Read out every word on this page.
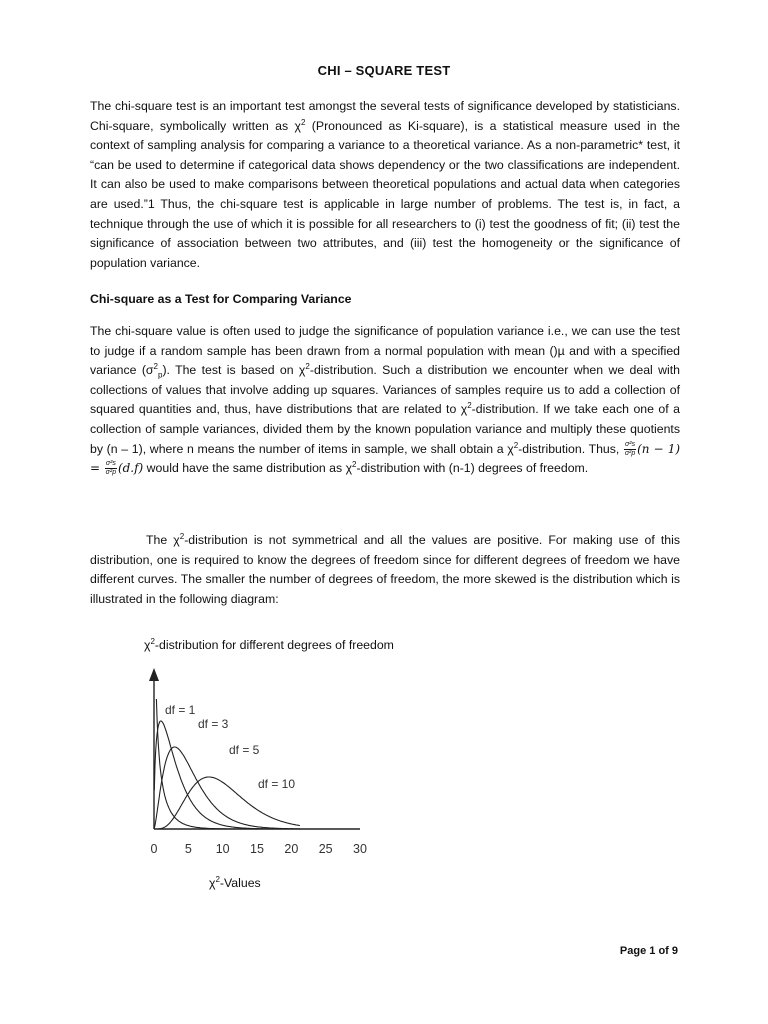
CHI – SQUARE TEST

The chi-square test is an important test amongst the several tests of significance developed by statisticians. Chi-square, symbolically written as $\chi^2$ (Pronounced as Ki-square), is a statistical measure used in the context of sampling analysis for comparing a variance to a theoretical variance. As a non-parametric* test, it “can be used to determine if categorical data shows dependency or the two classifications are independent. It can also be used to make comparisons between theoretical populations and actual data when categories are used.”1 Thus, the chi-square test is applicable in large number of problems. The test is, in fact, a technique through the use of which it is possible for all researchers to (i) test the goodness of fit; (ii) test the significance of association between two attributes, and (iii) test the homogeneity or the significance of population variance.

Chi-square as a Test for Comparing Variance

The chi-square value is often used to judge the significance of population variance i.e., we can use the test to judge if a random sample has been drawn from a normal population with mean ()µ and with a specified variance $(\sigma^2_p)$. The test is based on $\chi^2$-distribution. Such a distribution we encounter when we deal with collections of values that involve adding up squares. Variances of samples require us to add a collection of squared quantities and, thus, have distributions that are related to $\chi^2$-distribution. If we take each one of a collection of sample variances, divided them by the known population variance and multiply these quotients by (n – 1), where n means the number of items in sample, we shall obtain a $\chi^2$-distribution. Thus, $\frac{\text{σ²s}}{\text{σ²p}} (n - 1) = \frac{\text{σ²s}}{\text{σ²p}} (d.f)$ would have the same distribution as $\chi^2$-distribution with (n-1) degrees of freedom.

The $\chi^2$-distribution is not symmetrical and all the values are positive. For making use of this distribution, one is required to know the degrees of freedom since for different degrees of freedom we have different curves. The smaller the number of degrees of freedom, the more skewed is the distribution which is illustrated in the following diagram:

$\chi^2$-distribution for different degrees of freedom
0 5 10 15 20 25 30
df = 1
df = 3
df = 5
df = 10
$\chi^2$-Values
Page 1 of 9
